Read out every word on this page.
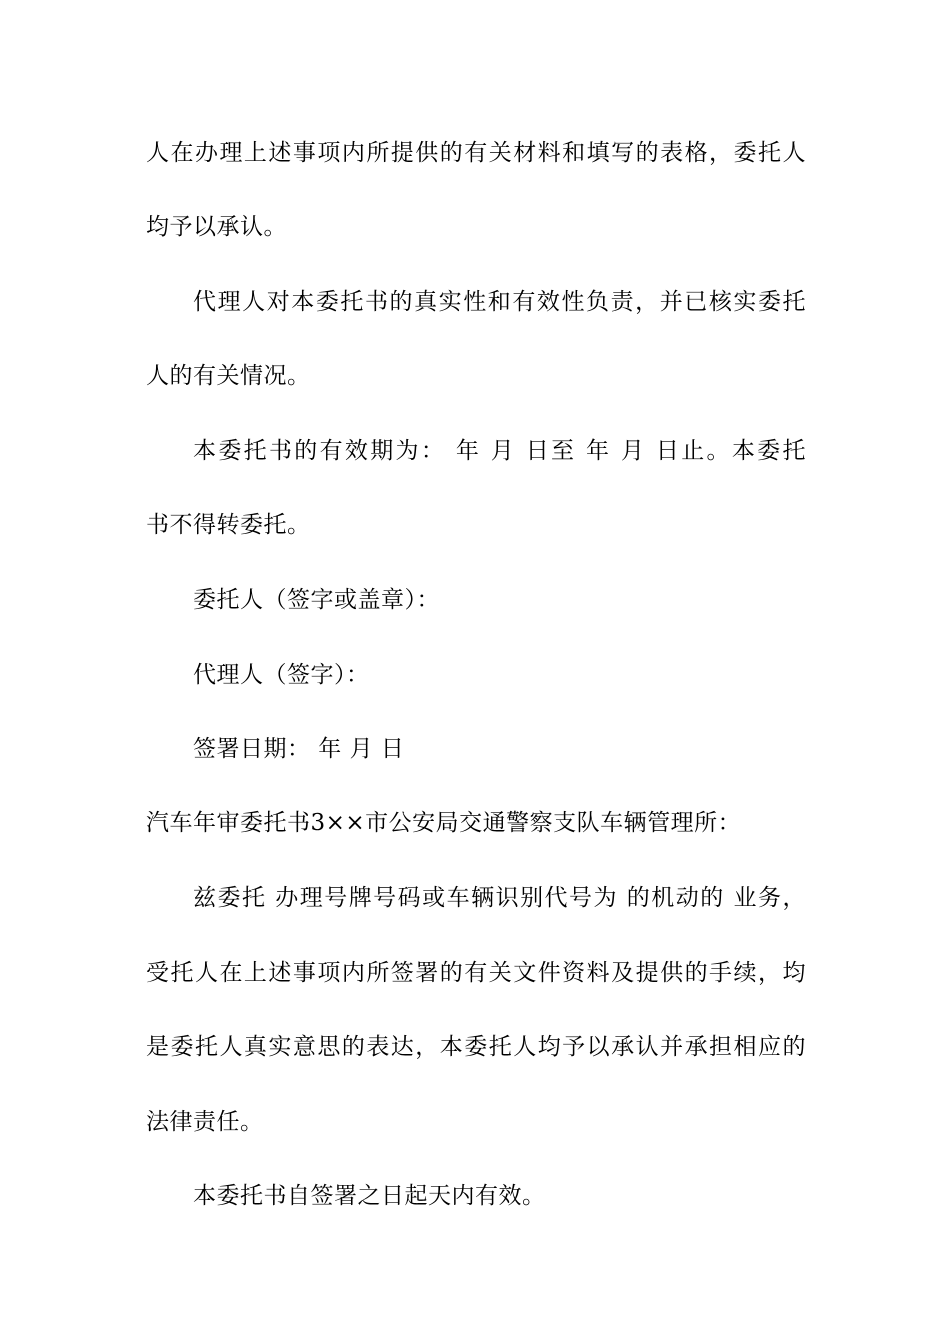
人在办理上述事项内所提供的有关材料和填写的表格，委托人
均予以承认。
代理人对本委托书的真实性和有效性负责，并已核实委托
人的有关情况。
本委托书的有效期为： 年 月 日至 年 月 日止。本委托
书不得转委托。
委托人（签字或盖章）：
代理人（签字）：
签署日期： 年 月 日
汽车年审委托书3××市公安局交通警察支队车辆管理所：
兹委托 办理号牌号码或车辆识别代号为 的机动的 业务，
受托人在上述事项内所签署的有关文件资料及提供的手续，均
是委托人真实意思的表达，本委托人均予以承认并承担相应的
法律责任。
本委托书自签署之日起天内有效。
